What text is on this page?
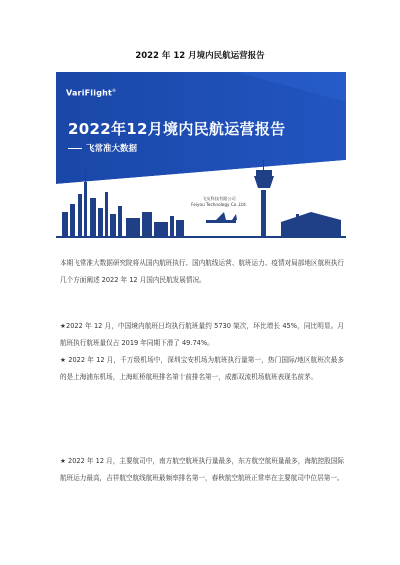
2022 年 12 月境内民航运营报告
VariFlight®
2022年12月境内民航运营报告
飞常准大数据
飞友科技有限公司
Feiyou Technology Co.,Ltd.
本期飞常准大数据研究院将从国内航班执行、国内航线运营、航班运力、疫情对局部地区航班执行几个方面阐述 2022 年 12 月国内民航发展情况。
★2022 年 12 月，中国境内航班日均执行航班量约 5730 架次，环比增长 45%，同比明显。月航班执行航班量仅占 2019 年同期下滑了 49.74%。
★ 2022 年 12 月，千万级机场中，深圳宝安机场为航班执行量第一，热门国际/地区航班次最多的是上海浦东机场，上海虹桥航班排名第十前排名第一，成都双流机场航班表现名前茅。
★ 2022 年 12 月，主要航司中，南方航空航班执行量最多，东方航空航班量最多，海航控股国际航班运力最高，吉祥航空航线航班最频率排名第一，春秋航空航班正常率在主要航司中位居第一。
